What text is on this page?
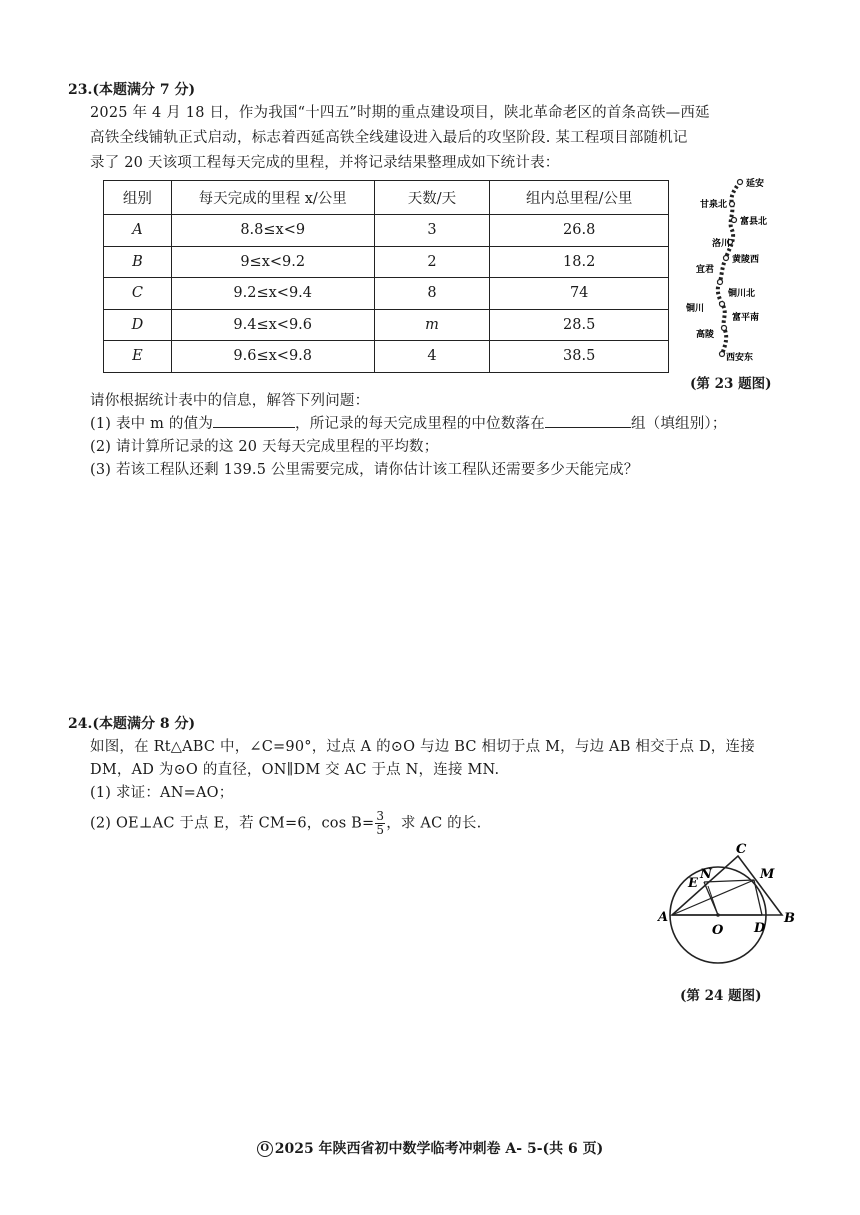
23.(本题满分 7 分)
2025 年 4 月 18 日，作为我国“十四五”时期的重点建设项目，陕北革命老区的首条高铁—西延
高铁全线铺轨正式启动，标志着西延高铁全线建设进入最后的攻坚阶段. 某工程项目部随机记
录了 20 天该项工程每天完成的里程，并将记录结果整理成如下统计表：
组别	每天完成的里程 x/公里	天数/天	组内总里程/公里
A	8.8≤x<9	3	26.8
B	9≤x<9.2	2	18.2
C	9.2≤x<9.4	8	74
D	9.4≤x<9.6	m	28.5
E	9.6≤x<9.8	4	38.5
延安
甘泉北
富县北
洛川
黄陵西
宜君
铜川北
铜川
富平南
高陵
西安东
(第 23 题图)
请你根据统计表中的信息，解答下列问题：
(1) 表中 m 的值为	，所记录的每天完成里程的中位数落在	组（填组别）；
(2) 请计算所记录的这 20 天每天完成里程的平均数；
(3) 若该工程队还剩 139.5 公里需要完成，请你估计该工程队还需要多少天能完成？
24.(本题满分 8 分)
如图，在 Rt△ABC 中，∠C=90°，过点 A 的⊙O 与边 BC 相切于点 M，与边 AB 相交于点 D，连接
DM，AD 为⊙O 的直径，ON∥DM 交 AC 于点 N，连接 MN.
(1) 求证：AN=AO；
(2) OE⊥AC 于点 E，若 CM=6，$\cos B= \frac{3}{5}$ ，求 AC 的长.
C
M
E
N
A
O D
B
(第 24 题图)
O 2025 年陕西省初中数学临考冲刺卷 A- 5-(共 6 页)
